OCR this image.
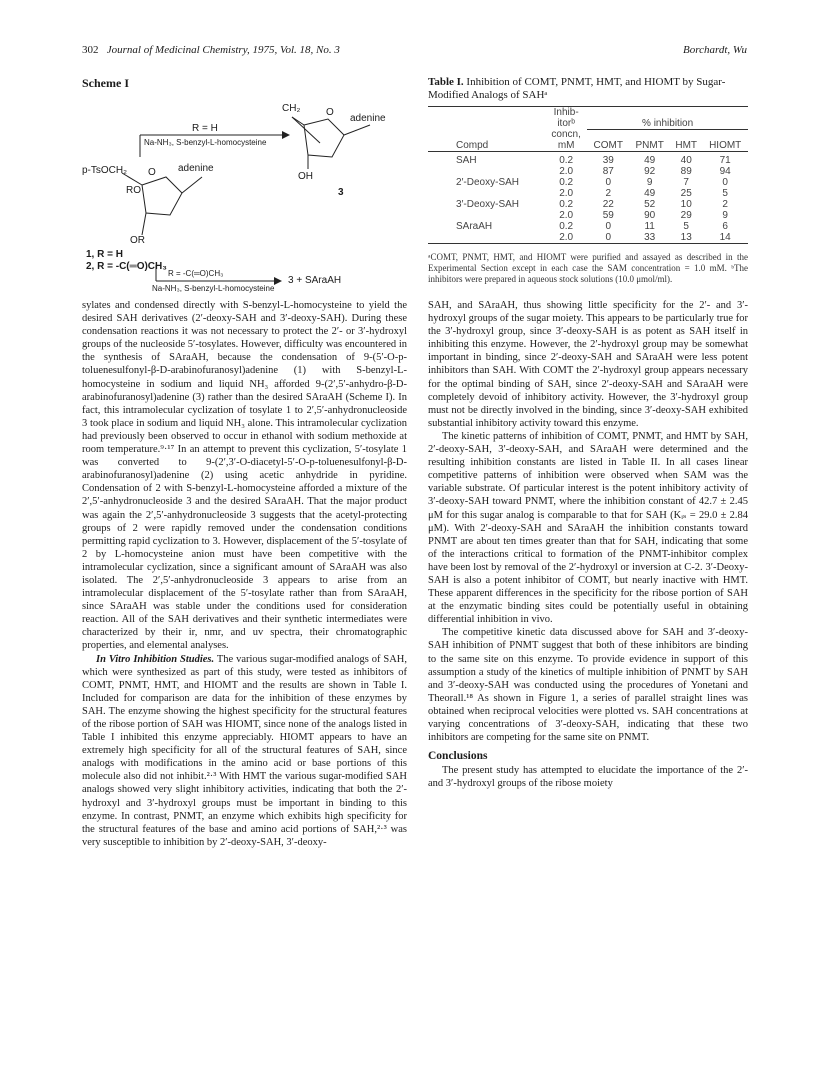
302 Journal of Medicinal Chemistry, 1975, Vol. 18, No. 3	Borchardt, Wu
Scheme I
R = H
Na-NH₃, S-benzyl-L-homocysteine
CH₂	O
adenine
OH
3
p-TsOCH₂ O adenine
RO
OR
1, R = H
2, R = -C(═O)CH₃
R = -C(═O)CH₃
Na-NH₃, S-benzyl-L-homocysteine
3 + SAraAH

sylates and condensed directly with S-benzyl-L-homocysteine to yield the desired SAH derivatives (2′-deoxy-SAH and 3′-deoxy-SAH). During these condensation reactions it was not necessary to protect the 2′- or 3′-hydroxyl groups of the nucleoside 5′-tosylates. However, difficulty was encountered in the synthesis of SAraAH, because the condensation of 9-(5′-O-p-toluenesulfonyl-β-D-arabinofuranosyl)adenine (1) with S-benzyl-L-homocysteine in sodium and liquid NH₃ afforded 9-(2′,5′-anhydro-β-D-arabinofuranosyl)adenine (3) rather than the desired SAraAH (Scheme I). In fact, this intramolecular cyclization of tosylate 1 to 2′,5′-anhydronucleoside 3 took place in sodium and liquid NH₃ alone. This intramolecular cyclization had previously been observed to occur in ethanol with sodium methoxide at room temperature.⁹·¹⁷ In an attempt to prevent this cyclization, 5′-tosylate 1 was converted to 9-(2′,3′-O-diacetyl-5′-O-p-toluenesulfonyl-β-D-arabinofuranosyl)adenine (2) using acetic anhydride in pyridine. Condensation of 2 with S-benzyl-L-homocysteine afforded a mixture of the 2′,5′-anhydronucleoside 3 and the desired SAraAH. That the major product was again the 2′,5′-anhydronucleoside 3 suggests that the acetyl-protecting groups of 2 were rapidly removed under the condensation conditions permitting rapid cyclization to 3. However, displacement of the 5′-tosylate of 2 by L-homocysteine anion must have been competitive with the intramolecular cyclization, since a significant amount of SAraAH was also isolated. The 2′,5′-anhydronucleoside 3 appears to arise from an intramolecular displacement of the 5′-tosylate rather than from SAraAH, since SAraAH was stable under the conditions used for consideration reaction. All of the SAH derivatives and their synthetic intermediates were characterized by their ir, nmr, and uv spectra, their chromatographic properties, and elemental analyses.

In Vitro Inhibition Studies. The various sugar-modified analogs of SAH, which were synthesized as part of this study, were tested as inhibitors of COMT, PNMT, HMT, and HIOMT and the results are shown in Table I. Included for comparison are data for the inhibition of these enzymes by SAH. The enzyme showing the highest specificity for the structural features of the ribose portion of SAH was HIOMT, since none of the analogs listed in Table I inhibited this enzyme appreciably. HIOMT appears to have an extremely high specificity for all of the structural features of SAH, since analogs with modifications in the amino acid or base portions of this molecule also did not inhibit.²·³ With HMT the various sugar-modified SAH analogs showed very slight inhibitory activities, indicating that both the 2′-hydroxyl and 3′-hydroxyl groups must be important in binding to this enzyme. In contrast, PNMT, an enzyme which exhibits high specificity for the structural features of the base and amino acid portions of SAH,²·³ was very susceptible to inhibition by 2′-deoxy-SAH, 3′-deoxy-

Table I. Inhibition of COMT, PNMT, HMT, and HIOMT by Sugar-Modified Analogs of SAHᵃ
Compd	Inhib-	% inhibition			
	itorᵇ				
	concn,				
	mM	COMT	PNMT	HMT	HIOMT
SAH	0.2	39	49	40	71
	2.0	87	92	89	94
2′-Deoxy-SAH	0.2	0	9	7	0
	2.0	2	49	25	5
3′-Deoxy-SAH	0.2	22	52	10	2
	2.0	59	90	29	9
SAraAH	0.2	0	11	5	6
	2.0	0	33	13	14
ᵃCOMT, PNMT, HMT, and HIOMT were purified and assayed as described in the Experimental Section except in each case the SAM concentration = 1.0 mM. ᵇThe inhibitors were prepared in aqueous stock solutions (10.0 μmol/ml).

SAH, and SAraAH, thus showing little specificity for the 2′- and 3′-hydroxyl groups of the sugar moiety. This appears to be particularly true for the 3′-hydroxyl group, since 3′-deoxy-SAH is as potent as SAH itself in inhibiting this enzyme. However, the 2′-hydroxyl group may be somewhat important in binding, since 2′-deoxy-SAH and SAraAH were less potent inhibitors than SAH. With COMT the 2′-hydroxyl group appears necessary for the optimal binding of SAH, since 2′-deoxy-SAH and SAraAH were completely devoid of inhibitory activity. However, the 3′-hydroxyl group must not be directly involved in the binding, since 3′-deoxy-SAH exhibited substantial inhibitory activity toward this enzyme.

The kinetic patterns of inhibition of COMT, PNMT, and HMT by SAH, 2′-deoxy-SAH, 3′-deoxy-SAH, and SAraAH were determined and the resulting inhibition constants are listed in Table II. In all cases linear competitive patterns of inhibition were observed when SAM was the variable substrate. Of particular interest is the potent inhibitory activity of 3′-deoxy-SAH toward PNMT, where the inhibition constant of 42.7 ± 2.45 μM for this sugar analog is comparable to that for SAH (Kᵢₛ = 29.0 ± 2.84 μM). With 2′-deoxy-SAH and SAraAH the inhibition constants toward PNMT are about ten times greater than that for SAH, indicating that some of the interactions critical to formation of the PNMT-inhibitor complex have been lost by removal of the 2′-hydroxyl or inversion at C-2. 3′-Deoxy-SAH is also a potent inhibitor of COMT, but nearly inactive with HMT. These apparent differences in the specificity for the ribose portion of SAH at the enzymatic binding sites could be potentially useful in obtaining differential inhibition in vivo.

The competitive kinetic data discussed above for SAH and 3′-deoxy-SAH inhibition of PNMT suggest that both of these inhibitors are binding to the same site on this enzyme. To provide evidence in support of this assumption a study of the kinetics of multiple inhibition of PNMT by SAH and 3′-deoxy-SAH was conducted using the procedures of Yonetani and Theorall.¹⁸ As shown in Figure 1, a series of parallel straight lines was obtained when reciprocal velocities were plotted vs. SAH concentrations at varying concentrations of 3′-deoxy-SAH, indicating that these two inhibitors are competing for the same site on PNMT.

Conclusions

The present study has attempted to elucidate the importance of the 2′- and 3′-hydroxyl groups of the ribose moiety
